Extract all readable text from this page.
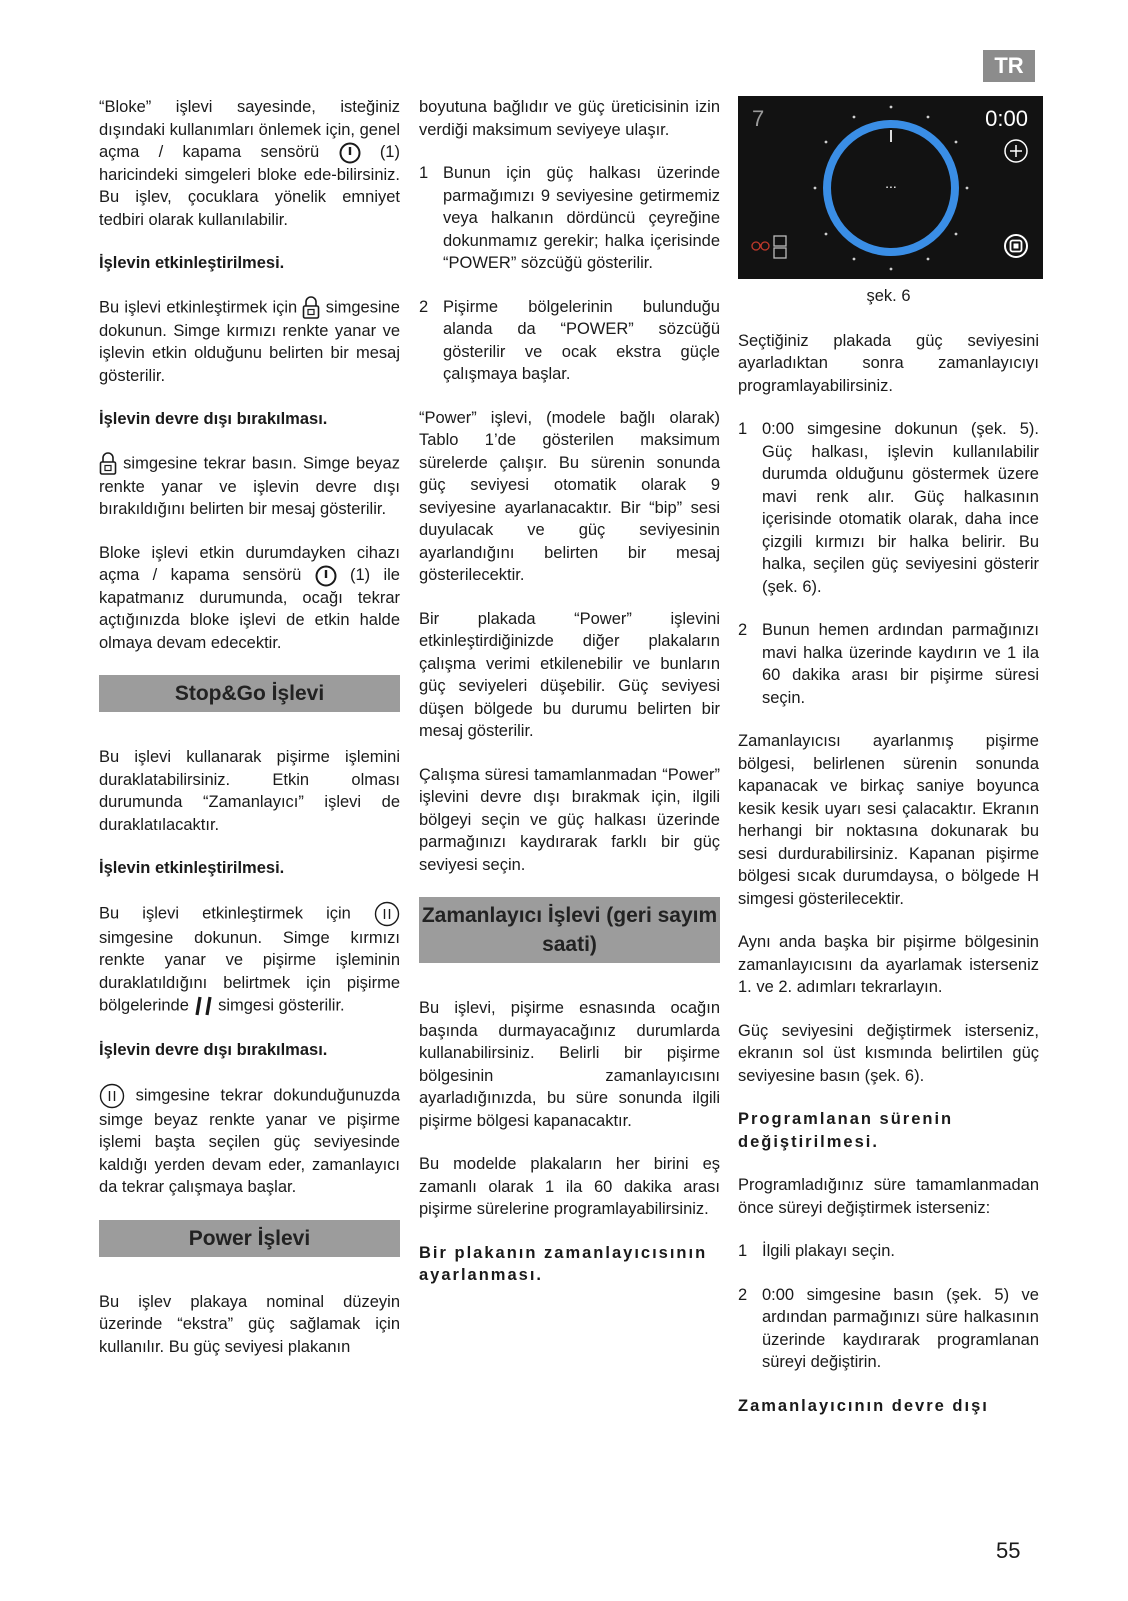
TR

“Bloke” işlevi sayesinde, isteğiniz dışındaki kullanımları önlemek için, genel açma / kapama sensörü	(1) haricindeki simgeleri bloke ede-bilirsiniz. Bu işlev, çocuklara yönelik emniyet tedbiri olarak kullanılabilir.

İşlevin etkinleştirilmesi.

Bu işlevi etkinleştirmek için simgesine dokunun. Simge kırmızı renkte yanar ve işlevin etkin olduğunu belirten bir mesaj gösterilir.

İşlevin devre dışı bırakılması.

simgesine tekrar basın. Simge beyaz renkte yanar ve işlevin devre dışı bırakıldığını belirten bir mesaj gösterilir.

Bloke işlevi etkin durumdayken cihazı açma / kapama sensörü	(1) ile kapatmanız durumunda, ocağı tekrar açtığınızda bloke işlevi de etkin halde olmaya devam edecektir.

Stop&Go İşlevi

Bu işlevi kullanarak pişirme işlemini duraklatabilirsiniz. Etkin olması durumunda “Zamanlayıcı” işlevi de duraklatılacaktır.

İşlevin etkinleştirilmesi.

Bu işlevi etkinleştirmek için
simgesine dokunun. Simge kırmızı renkte yanar ve pişirme işleminin duraklatıldığını belirtmek için pişirme bölgelerinde simgesi gösterilir.

İşlevin devre dışı bırakılması.

simgesine tekrar dokunduğunuzda simge beyaz renkte yanar ve pişirme işlemi başta seçilen güç seviyesinde kaldığı yerden devam eder, zamanlayıcı da tekrar çalışmaya başlar.

Power İşlevi

Bu işlev plakaya nominal düzeyin üzerinde “ekstra” güç sağlamak için kullanılır. Bu güç seviyesi plakanın

boyutuna bağlıdır ve güç üreticisinin izin verdiği maksimum seviyeye ulaşır.

1 Bunun için güç halkası üzerinde parmağımızı 9 seviyesine getirmemiz veya halkanın dördüncü çeyreğine dokunmamız gerekir; halka içerisinde “POWER” sözcüğü gösterilir.
2 Pişirme bölgelerinin bulunduğu alanda da “POWER” sözcüğü gösterilir ve ocak ekstra güçle çalışmaya başlar.

“Power” işlevi, (modele bağlı olarak) Tablo 1’de gösterilen maksimum sürelerde çalışır. Bu sürenin sonunda güç seviyesi otomatik olarak 9 seviyesine ayarlanacaktır. Bir “bip” sesi duyulacak ve güç seviyesinin ayarlandığını belirten bir mesaj gösterilecektir.

Bir plakada “Power” işlevini etkinleştirdiğinizde diğer plakaların çalışma verimi etkilenebilir ve bunların güç seviyeleri düşebilir. Güç seviyesi düşen bölgede bu durumu belirten bir mesaj gösterilir.

Çalışma süresi tamamlanmadan “Power” işlevini devre dışı bırakmak için, ilgili bölgeyi seçin ve güç halkası üzerinde parmağınızı kaydırarak farklı bir güç seviyesi seçin.

Zamanlayıcı İşlevi (geri sayım saati)

Bu işlevi, pişirme esnasında ocağın başında durmayacağınız durumlarda kullanabilirsiniz. Belirli bir pişirme bölgesinin zamanlayıcısını ayarladığınızda, bu süre sonunda ilgili pişirme bölgesi kapanacaktır.

Bu modelde plakaların her birini eş zamanlı olarak 1 ila 60 dakika arası pişirme sürelerine programlayabilirsiniz.

Bir plakanın zamanlayıcısının ayarlanması.
7	0:00
...
şek. 6

Seçtiğiniz plakada güç seviyesini ayarladıktan sonra zamanlayıcıyı programlayabilirsiniz.

1 0:00 simgesine dokunun (şek. 5). Güç halkası, işlevin kullanılabilir durumda olduğunu göstermek üzere mavi renk alır. Güç halkasının içerisinde otomatik olarak, daha ince çizgili kırmızı bir halka belirir. Bu halka, seçilen güç seviyesini gösterir (şek. 6).
2 Bunun hemen ardından parmağınızı mavi halka üzerinde kaydırın ve 1 ila 60 dakika arası bir pişirme süresi seçin.

Zamanlayıcısı ayarlanmış pişirme bölgesi, belirlenen sürenin sonunda kapanacak ve birkaç saniye boyunca kesik kesik uyarı sesi çalacaktır. Ekranın herhangi bir noktasına dokunarak bu sesi durdurabilirsiniz. Kapanan pişirme bölgesi sıcak durumdaysa, o bölgede H simgesi gösterilecektir.

Aynı anda başka bir pişirme bölgesinin zamanlayıcısını da ayarlamak isterseniz 1. ve 2. adımları tekrarlayın.

Güç seviyesini değiştirmek isterseniz, ekranın sol üst kısmında belirtilen güç seviyesine basın (şek. 6).

Programlanan sürenin değiştirilmesi.

Programladığınız süre tamamlanmadan önce süreyi değiştirmek isterseniz:

1 İlgili plakayı seçin.
2 0:00 simgesine basın (şek. 5) ve ardından parmağınızı süre halkasının üzerinde kaydırarak programlanan süreyi değiştirin.
Zamanlayıcının devre dışı
55
